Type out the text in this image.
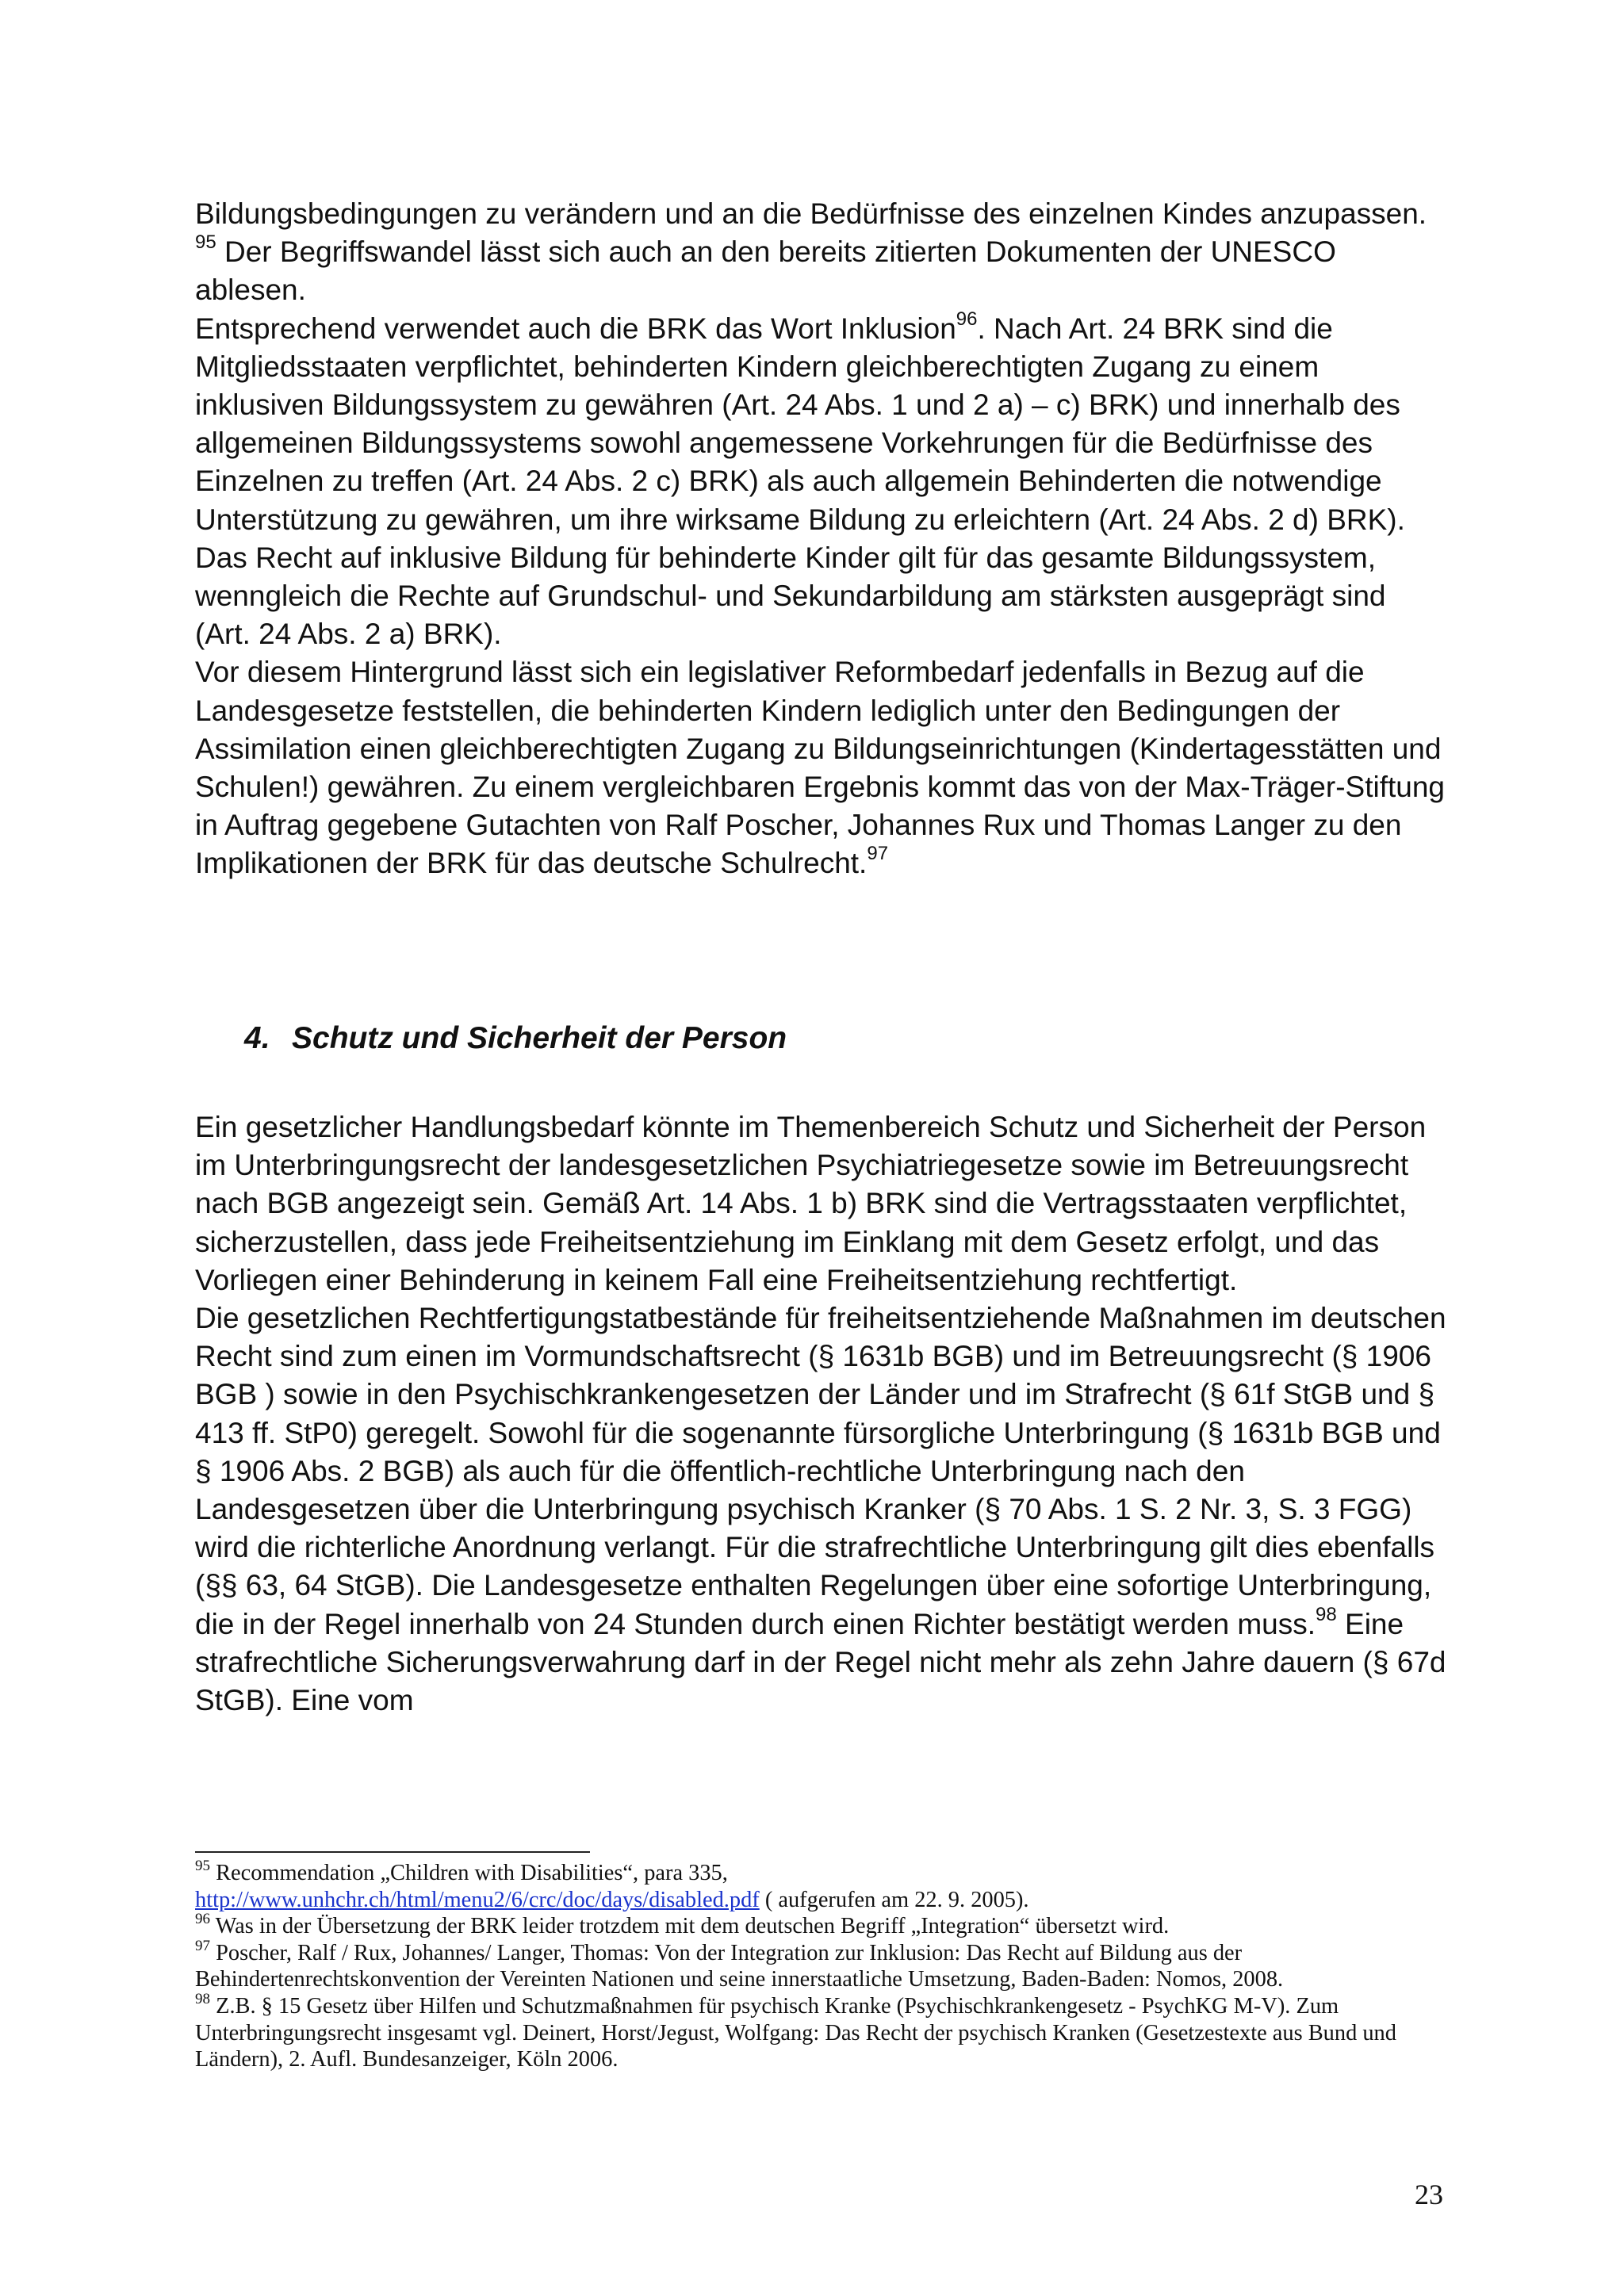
Bildungsbedingungen zu verändern und an die Bedürfnisse des einzelnen Kindes anzupassen. $^{95}$ Der Begriffswandel lässt sich auch an den bereits zitierten Dokumenten der UNESCO ablesen.

Entsprechend verwendet auch die BRK das Wort Inklusion$^{96}$. Nach Art. 24 BRK sind die Mitgliedsstaaten verpflichtet, behinderten Kindern gleichberechtigten Zugang zu einem inklusiven Bildungssystem zu gewähren (Art. 24 Abs. 1 und 2 a) – c) BRK) und innerhalb des allgemeinen Bildungssystems sowohl angemessene Vorkehrungen für die Bedürfnisse des Einzelnen zu treffen (Art. 24 Abs. 2 c) BRK) als auch allgemein Behinderten die notwendige Unterstützung zu gewähren, um ihre wirksame Bildung zu erleichtern (Art. 24 Abs. 2 d) BRK). Das Recht auf inklusive Bildung für behinderte Kinder gilt für das gesamte Bildungssystem, wenngleich die Rechte auf Grundschul- und Sekundarbildung am stärksten ausgeprägt sind (Art. 24 Abs. 2 a) BRK).

Vor diesem Hintergrund lässt sich ein legislativer Reformbedarf jedenfalls in Bezug auf die Landesgesetze feststellen, die behinderten Kindern lediglich unter den Bedingungen der Assimilation einen gleichberechtigten Zugang zu Bildungseinrichtungen (Kindertagesstätten und Schulen!) gewähren. Zu einem vergleichbaren Ergebnis kommt das von der Max-Träger-Stiftung in Auftrag gegebene Gutachten von Ralf Poscher, Johannes Rux und Thomas Langer zu den Implikationen der BRK für das deutsche Schulrecht.$^{97}$

4. Schutz und Sicherheit der Person

Ein gesetzlicher Handlungsbedarf könnte im Themenbereich Schutz und Sicherheit der Person im Unterbringungsrecht der landesgesetzlichen Psychiatriegesetze sowie im Betreuungsrecht nach BGB angezeigt sein. Gemäß Art. 14 Abs. 1 b) BRK sind die Vertragsstaaten verpflichtet, sicherzustellen, dass jede Freiheitsentziehung im Einklang mit dem Gesetz erfolgt, und das Vorliegen einer Behinderung in keinem Fall eine Freiheitsentziehung rechtfertigt.

Die gesetzlichen Rechtfertigungstatbestände für freiheitsentziehende Maßnahmen im deutschen Recht sind zum einen im Vormundschaftsrecht (§ 1631b BGB) und im Betreuungsrecht (§ 1906 BGB ) sowie in den Psychischkrankengesetzen der Länder und im Strafrecht (§ 61f StGB und § 413 ff. StP0) geregelt. Sowohl für die sogenannte fürsorgliche Unterbringung (§ 1631b BGB und § 1906 Abs. 2 BGB) als auch für die öffentlich-rechtliche Unterbringung nach den Landesgesetzen über die Unterbringung psychisch Kranker (§ 70 Abs. 1 S. 2 Nr. 3, S. 3 FGG) wird die richterliche Anordnung verlangt. Für die strafrechtliche Unterbringung gilt dies ebenfalls (§§ 63, 64 StGB). Die Landesgesetze enthalten Regelungen über eine sofortige Unterbringung, die in der Regel innerhalb von 24 Stunden durch einen Richter bestätigt werden muss.$^{98}$ Eine strafrechtliche Sicherungsverwahrung darf in der Regel nicht mehr als zehn Jahre dauern (§ 67d StGB). Eine vom

$^{95}$ Recommendation „Children with Disabilities“, para 335,
http://www.unhchr.ch/html/menu2/6/crc/doc/days/disabled.pdf ( aufgerufen am 22. 9. 2005).

$^{96}$ Was in der Übersetzung der BRK leider trotzdem mit dem deutschen Begriff „Integration“ übersetzt wird.

$^{97}$ Poscher, Ralf / Rux, Johannes/ Langer, Thomas: Von der Integration zur Inklusion: Das Recht auf Bildung aus der Behindertenrechtskonvention der Vereinten Nationen und seine innerstaatliche Umsetzung, Baden-Baden: Nomos, 2008.

$^{98}$ Z.B. § 15 Gesetz über Hilfen und Schutzmaßnahmen für psychisch Kranke (Psychischkrankengesetz - PsychKG M-V). Zum Unterbringungsrecht insgesamt vgl. Deinert, Horst/Jegust, Wolfgang: Das Recht der psychisch Kranken (Gesetzestexte aus Bund und Ländern), 2. Aufl. Bundesanzeiger, Köln 2006.

23
